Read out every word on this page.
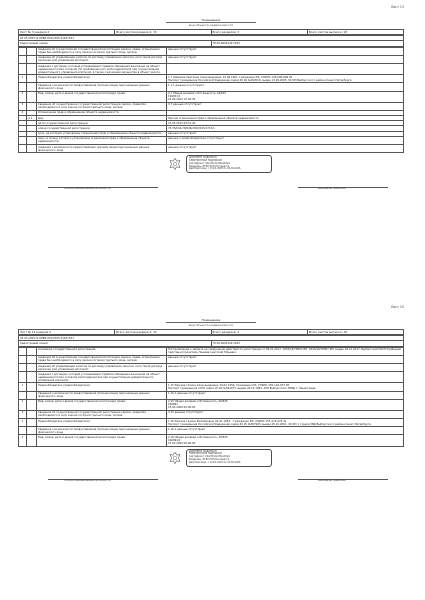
Лист 13
Помещение
вид объекта недвижимости
Лист № 3 раздела 2	Всего листов раздела 2: 15	Всего разделов: 3	Всего листов выписки: 18
03.03.2025 № КУВИ-001/2025-41647531
Кадастровый номер:	78:36:0005124:5953
		сведения об осуществлении государственной регистрации сделки, права, ограничения права без необходимого в силу закона согласия третьего лица, органа:	данные отсутствуют
		сведения об управляющем залогом по договору управления залогом, если такой договор заключен для управления ипотекой:	данные отсутствуют
		сведения о договоре, который устанавливает правила обращения взыскания на объект недвижимости без согласия (по требованию) его залогодержателя при осуществлении доверительного управления ипотекой, а также о вложении имущества в объект залога:	
1		Правообладатель (правообладатели):	1.7 Шевцова Светлана Александровна, 22.06.1961, Гражданин РФ, СНИЛС 145-690-899 00
Паспорт гражданина Российской Федерации серия 40 06 №490520, выдан 13.09.2005, 59 ОМ Выборгского района Санкт-Петербурга
		Сведения о возможности предоставления третьим лицам персональных данных физического лица	1.7.1 данные отсутствуют
2		Вид, номер, дата и время государственной регистрации права:	2.7 Общая долевая собственность, 44/615
196651/1
22.06.2022 10:30:39
3		Сведения об осуществлении государственной регистрации сделки, права без необходимого в силу закона согласия третьего лица, органа:	3.7 данные отсутствуют
4		Ограничение прав и обременение объекта недвижимости:	
	4.1	вид:	Прочие ограничения прав и обременения объекта недвижимости
		дата государственной регистрации:	07.05.2015 09:51:40
		номер государственной регистрации:	78-78/046-78/046/200/2015-0715/1
		срок, на который установлены ограничения прав и обременение объекта недвижимости:	данные отсутствуют
		лицо, в пользу которого установлены ограничения прав и обременение объекта недвижимости:	данные о правообладателе отсутствуют
		сведения о возможности предоставления третьим лицам персональных данных физического лица	данные отсутствуют
ДОКУМЕНТ ПОДПИСАН
ЭЛЕКТРОННОЙ ПОДПИСЬЮ
Сертификат: 00ec5fc2a1f3e1b5a9
Владелец: ФГБУ ППК Роскадастр
Действителен: с 15.01.2025 по 10.04.2026
полное наименование должности	инициалы, фамилия
Лист 15
Помещение
вид объекта недвижимости
Лист № 14 раздела 2	Всего листов раздела 2: 15	Всего разделов: 3	Всего листов выписки: 18
03.03.2025 № КУВИ-001/2025-41647531
Кадастровый номер:	78:36:0005124:5953
		основание государственной регистрации:	Постановление о запрете на совершение действий по регистрации от 09.01.2017, 1652/16/78007-ИП, 1643/16/78007-ИП, выдан 09.12.2017, Выборгский РОСП Куйбышев пристав-исполнитель Пашаев Анатолий Юрьевич
		сведения об осуществлении государственной регистрации сделки, права, ограничения права без необходимого в силу закона согласия третьего лица, органа:	данные отсутствуют
		сведения об управляющем залогом по договору управления залогом, если такой договор заключен для управления ипотекой:	данные отсутствуют
		сведения о договоре, который устанавливает правила обращения взыскания на объект недвижимости без согласия залогодержателя при осуществлении доверительного управления ипотекой:	
1		Правообладатель (правообладатели):	1.15 Юркова Галина Александровна, 29.02.1956, Гражданин РФ, СНИЛС 155-116-973 38
Паспорт гражданина СССР серия VII-АК №591973, выдан 29.12.1984, 49П Выборгского РУВД г. Ленинграда
		Сведения о возможности предоставления третьим лицам персональных данных физического лица	1.15.1 данные отсутствуют
2		Вид, номер, дата и время государственной регистрации права:	2.15 Общая долевая собственность, 96/635
196891
15.03.2006 00:00:00
3		Сведения об осуществлении государственной регистрации сделки, права без необходимого в силу закона согласия третьего лица, органа:	3.15 данные отсутствуют
1		Правообладатель (правообладатели):	1.16 Юркова Галина Михайловна, 01.01.1953, , Гражданин РФ, СНИЛС 155-116-976 41
Паспорт гражданина Российской Федерации серия 40 05 №567965, выдан 05.10.2001, 49 ОМ 1 отдела УВД Выборгского района Санкт-Петербурга
		Сведения о возможности предоставления третьим лицам персональных данных физического лица	1.16.1 данные отсутствуют
2		Вид, номер, дата и время государственной регистрации права:	2.16 Общая долевая собственность, 38/635
196891/2
15.03.2006 00:00:00
ДОКУМЕНТ ПОДПИСАН
ЭЛЕКТРОННОЙ ПОДПИСЬЮ
Сертификат: 00ec5fc2a1f3e1b5a9
Владелец: ФГБУ ППК Роскадастр
Действителен: с 15.01.2025 по 10.04.2026
полное наименование должности	инициалы, фамилия
